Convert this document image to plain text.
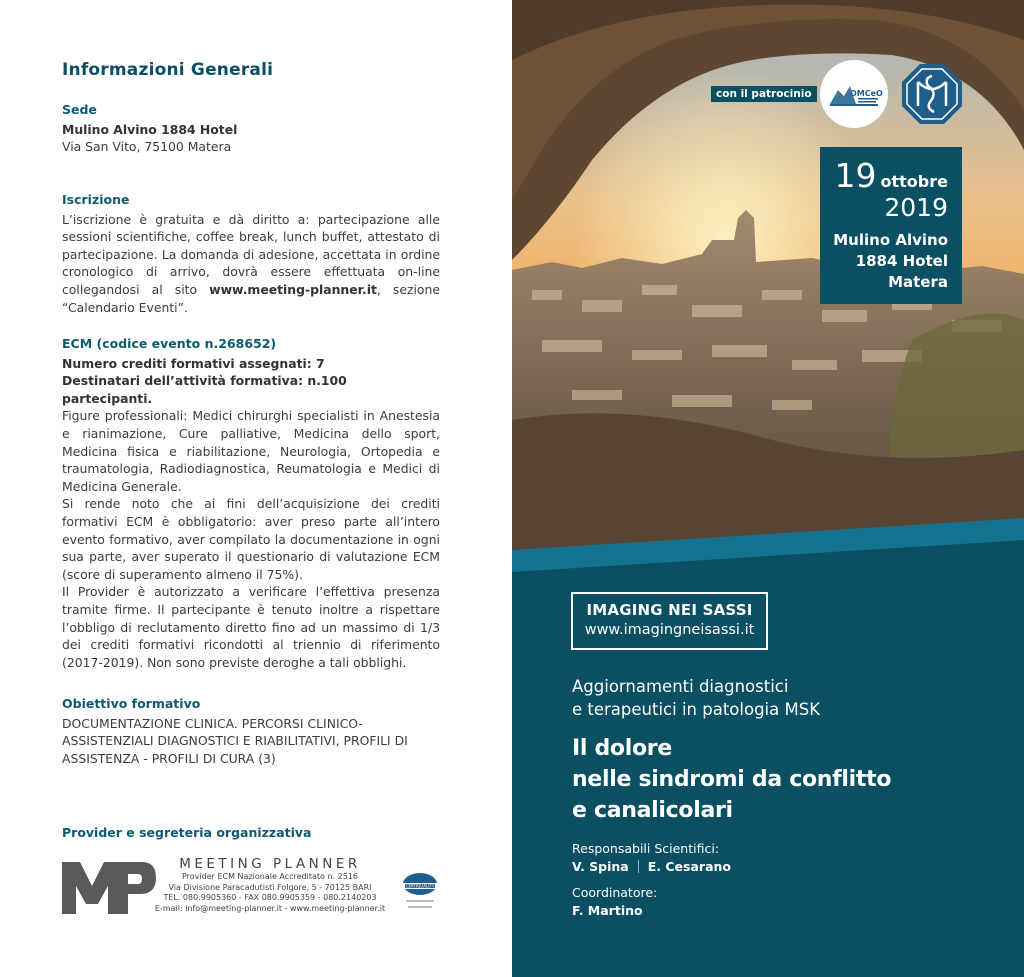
Informazioni Generali
Sede
Mulino Alvino 1884 Hotel
Via San Vito, 75100 Matera
Iscrizione
L’iscrizione è gratuita e dà diritto a: partecipazione alle sessioni scientifiche, coffee break, lunch buffet, attestato di partecipazione. La domanda di adesione, accettata in ordine cronologico di arrivo, dovrà essere effettuata on-line collegandosi al sito www.meeting-planner.it, sezione “Calendario Eventi”.
ECM (codice evento n.268652)
Numero crediti formativi assegnati: 7
Destinatari dell’attività formativa: n.100 partecipanti.
Figure professionali: Medici chirurghi specialisti in Anestesia e rianimazione, Cure palliative, Medicina dello sport, Medicina fisica e riabilitazione, Neurologia, Ortopedia e traumatologia, Radiodiagnostica, Reumatologia e Medici di Medicina Generale.
Si rende noto che ai fini dell’acquisizione dei crediti formativi ECM è obbligatorio: aver preso parte all’intero evento formativo, aver compilato la documentazione in ogni sua parte, aver superato il questionario di valutazione ECM (score di superamento almeno il 75%).
Il Provider è autorizzato a verificare l’effettiva presenza tramite firme. Il partecipante è tenuto inoltre a rispettare l’obbligo di reclutamento diretto fino ad un massimo di 1/3 dei crediti formativi ricondotti al triennio di riferimento (2017-2019). Non sono previste deroghe a tali obblighi.
Obiettivo formativo
DOCUMENTAZIONE CLINICA. PERCORSI CLINICO-ASSISTENZIALI DIAGNOSTICI E RIABILITATIVI, PROFILI DI ASSISTENZA - PROFILI DI CURA (3)
Provider e segreteria organizzativa
MEETING PLANNER
Provider ECM Nazionale Accreditato n. 2516
Via Divisione Paracadutisti Folgore, 5 - 70125 BARI
TEL. 080.9905360 - FAX 080.9905359 - 080.2140203
E-mail: info@meeting-planner.it - www.meeting-planner.it
CERTIQUALITY
con il patrocinio	OMCeO
19 ottobre
2019
Mulino Alvino
1884 Hotel
Matera
IMAGING NEI SASSI
www.imagingneisassi.it
Aggiornamenti diagnostici
e terapeutici in patologia MSK
Il dolore
nelle sindromi da conflitto
e canalicolari
Responsabili Scientifici:
V. Spina E. Cesarano
Coordinatore:
F. Martino
